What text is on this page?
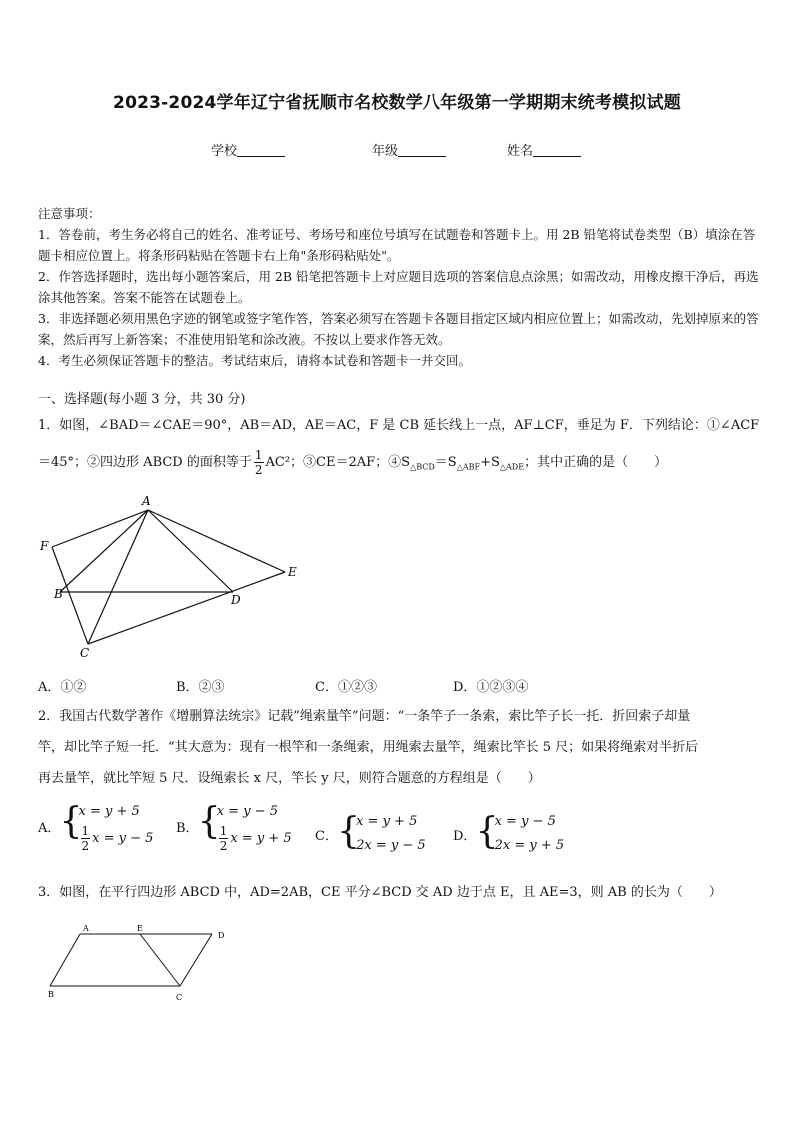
2023-2024学年辽宁省抚顺市名校数学八年级第一学期期末统考模拟试题
学校	年级	姓名

注意事项：

1．答卷前，考生务必将自己的姓名、准考证号、考场号和座位号填写在试题卷和答题卡上。用 2B 铅笔将试卷类型（B）填涂在答题卡相应位置上。将条形码粘贴在答题卡右上角"条形码粘贴处"。

2．作答选择题时，选出每小题答案后，用 2B 铅笔把答题卡上对应题目选项的答案信息点涂黑；如需改动，用橡皮擦干净后，再选涂其他答案。答案不能答在试题卷上。

3．非选择题必须用黑色字迹的钢笔或签字笔作答，答案必须写在答题卡各题目指定区域内相应位置上；如需改动，先划掉原来的答案，然后再写上新答案；不准使用铅笔和涂改液。不按以上要求作答无效。

4．考生必须保证答题卡的整洁。考试结束后，请将本试卷和答题卡一并交回。

一、选择题(每小题 3 分，共 30 分)

1．如图，∠BAD＝∠CAE＝90°，AB＝AD，AE＝AC，F 是 CB 延长线上一点，AF⊥CF，垂足为 F．下列结论：①∠ACF

＝45°；②四边形 ABCD 的面积等于 $\frac{1}{2} AC^2$；③CE＝2AF；$④S_{\triangle BCD}=S_{\triangle ABF}+S_{\triangle ADE}$；其中正确的是（　　）

A
F
B	D
E
C
A．①②	B．②③	C．①②③	D．①②③④

2．我国古代数学著作《增删算法统宗》记载”绳索量竿”问题：“一条竿子一条索，索比竿子长一托．折回索子却量

竿，却比竿子短一托．“其大意为：现有一根竿和一条绳索，用绳索去量竿，绳索比竿长 5 尺；如果将绳索对半折后

再去量竿，就比竿短 5 尺．设绳索长 x 尺，竿长 y 尺，则符合题意的方程组是（　　）

A．
{ x = y + 5
$\frac{1}{2}$ x = y − 5
B．
{ x = y − 5
$\frac{1}{2}$ x = y + 5 C．
{ x = y + 5
2x = y − 5
D．
{ x = y − 5
2x = y + 5

3．如图，在平行四边形 ABCD 中，AD=2AB，CE 平分∠BCD 交 AD 边于点 E，且 AE=3，则 AB 的长为（　　）

A	E
D
B	C
